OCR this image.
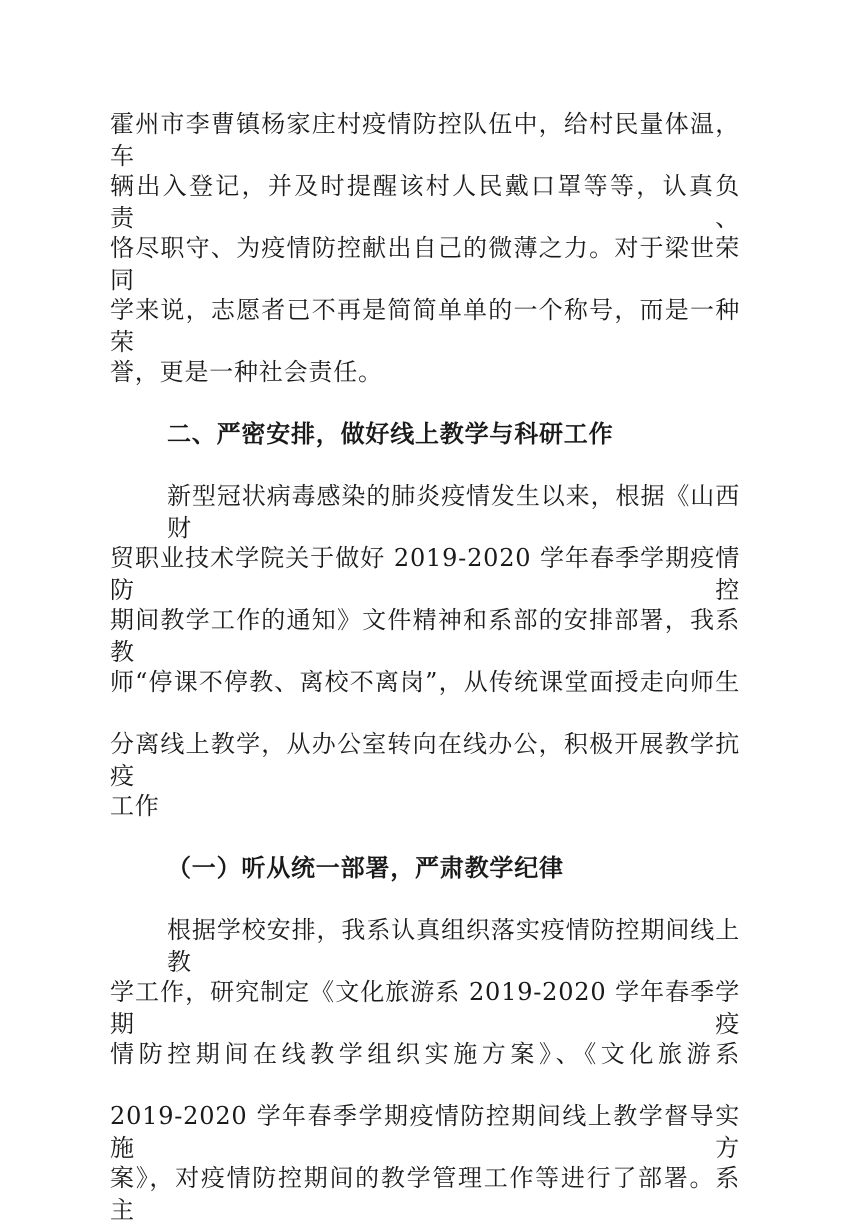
霍州市李曹镇杨家庄村疫情防控队伍中，给村民量体温，车
辆出入登记，并及时提醒该村人民戴口罩等等，认真负责、
恪尽职守、为疫情防控献出自己的微薄之力。对于梁世荣同
学来说，志愿者已不再是简简单单的一个称号，而是一种荣
誉，更是一种社会责任。
二、严密安排，做好线上教学与科研工作
新型冠状病毒感染的肺炎疫情发生以来，根据《山西财
贸职业技术学院关于做好 2019-2020 学年春季学期疫情防控
期间教学工作的通知》文件精神和系部的安排部署，我系教
师“停课不停教、离校不离岗”，从传统课堂面授走向师生
分离线上教学，从办公室转向在线办公，积极开展教学抗疫
工作
（一）听从统一部署，严肃教学纪律
根据学校安排，我系认真组织落实疫情防控期间线上教
学工作，研究制定《文化旅游系 2019-2020 学年春季学期疫
情防控期间在线教学组织实施方案》、《文化旅游系
2019-2020 学年春季学期疫情防控期间线上教学督导实施方
案》，对疫情防控期间的教学管理工作等进行了部署。系主
